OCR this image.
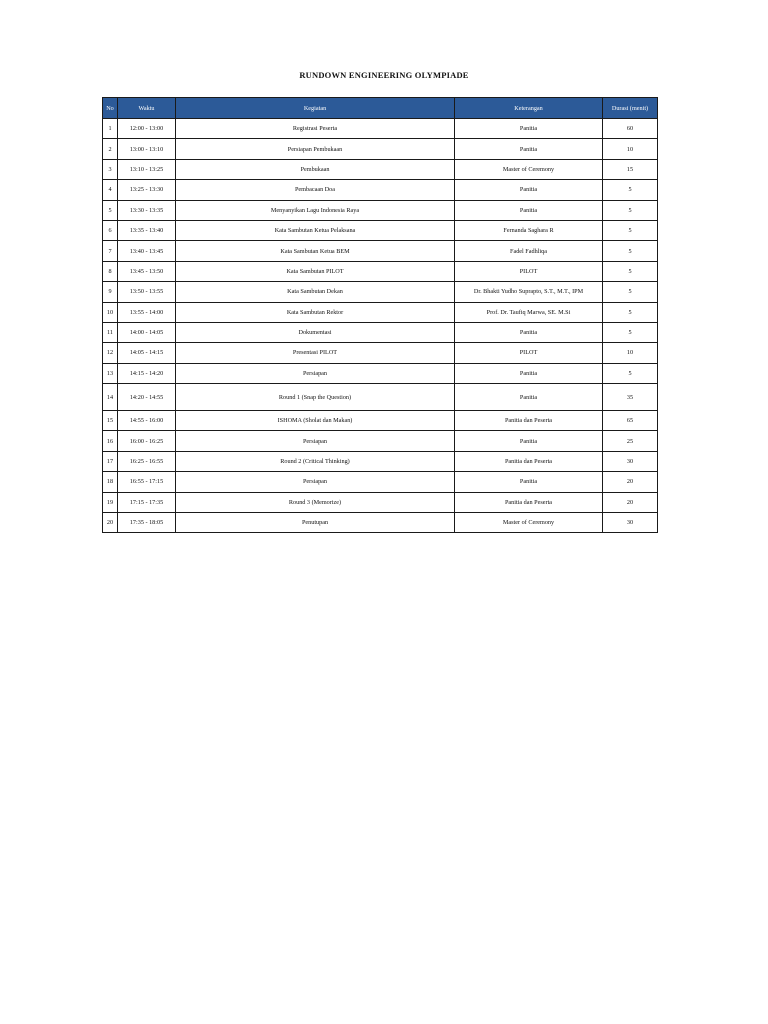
RUNDOWN ENGINEERING OLYMPIADE
No	Waktu	Kegiatan	Keterangan	Durasi (menit)
1	12:00 - 13:00	Registrasi Peserta	Panitia	60
2	13:00 - 13:10	Persiapan Pembukaan	Panitia	10
3	13:10 - 13:25	Pembukaan	Master of Ceremony	15
4	13:25 - 13:30	Pembacaan Doa	Panitia	5
5	13:30 - 13:35	Menyanyikan Lagu Indonesia Raya	Panitia	5
6	13:35 - 13:40	Kata Sambutan Ketua Pelaksana	Fernanda Saghara R	5
7	13:40 - 13:45	Kata Sambutan Ketua BEM	Fadel Fadhliqa	5
8	13:45 - 13:50	Kata Sambutan PILOT	PILOT	5
9	13:50 - 13:55	Kata Sambutan Dekan	Dr. Bhakti Yudho Suprapto, S.T., M.T., IPM	5
10	13:55 - 14:00	Kata Sambutan Rektor	Prof. Dr. Taufiq Marwa, SE. M.Si	5
11	14:00 - 14:05	Dokumentasi	Panitia	5
12	14:05 - 14:15	Presentasi PILOT	PILOT	10
13	14:15 - 14:20	Persiapan	Panitia	5
14	14:20 - 14:55	Round 1 (Snap the Question)	Panitia	35
15	14:55 - 16:00	ISHOMA (Sholat dan Makan)	Panitia dan Peserta	65
16	16:00 - 16:25	Persiapan	Panitia	25
17	16:25 - 16:55	Round 2 (Critical Thinking)	Panitia dan Peserta	30
18	16:55 - 17:15	Persiapan	Panitia	20
19	17:15 - 17:35	Round 3 (Memorize)	Panitia dan Peserta	20
20	17:35 - 18:05	Penutupan	Master of Ceremony	30
